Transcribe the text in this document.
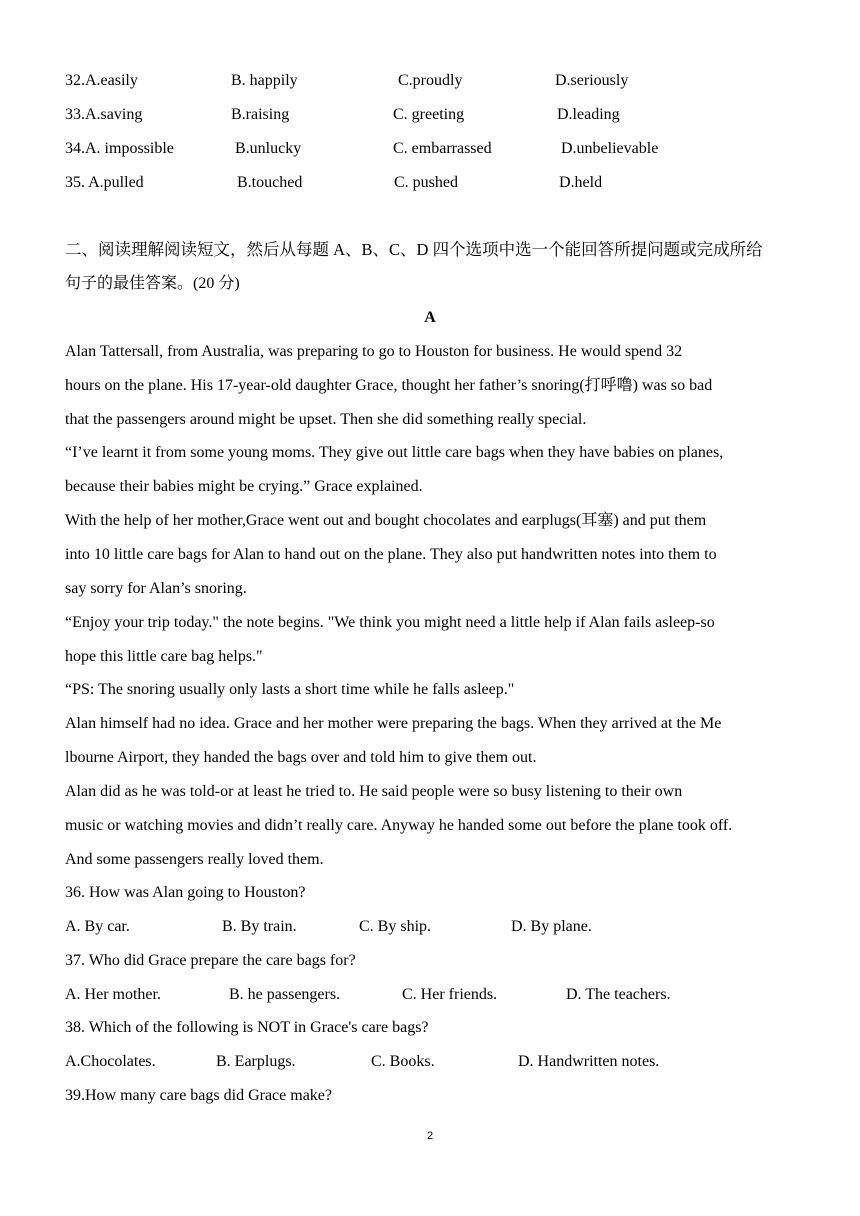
32.A.easily	B. happily	C.proudly	D.seriously
33.A.saving	B.raising	C. greeting	D.leading
34.A. impossible	B.unlucky	C. embarrassed	D.unbelievable
35. A.pulled	B.touched	C. pushed	D.held
二、阅读理解阅读短文，然后从每题 A、B、C、D 四个选项中选一个能回答所提问题或完成所给
句子的最佳答案。(20 分)
A
Alan Tattersall, from Australia, was preparing to go to Houston for business. He would spend 32
hours on the plane. His 17-year-old daughter Grace, thought her father’s snoring(打呼噜) was so bad
that the passengers around might be upset. Then she did something really special.
“I’ve learnt it from some young moms. They give out little care bags when they have babies on planes,
because their babies might be crying.” Grace explained.
With the help of her mother,Grace went out and bought chocolates and earplugs(耳塞) and put them
into 10 little care bags for Alan to hand out on the plane. They also put handwritten notes into them to
say sorry for Alan’s snoring.
“Enjoy your trip today." the note begins. "We think you might need a little help if Alan fails asleep-so
hope this little care bag helps."
“PS: The snoring usually only lasts a short time while he falls asleep."
Alan himself had no idea. Grace and her mother were preparing the bags. When they arrived at the Me
lbourne Airport, they handed the bags over and told him to give them out.
Alan did as he was told-or at least he tried to. He said people were so busy listening to their own
music or watching movies and didn’t really care. Anyway he handed some out before the plane took off.
And some passengers really loved them.
36. How was Alan going to Houston?
A. By car.	B. By train.	C. By ship.	D. By plane.
37. Who did Grace prepare the care bags for?
A. Her mother.	B. he passengers.	C. Her friends.	D. The teachers.
38. Which of the following is NOT in Grace's care bags?
A.Chocolates.	B. Earplugs.	C. Books.	D. Handwritten notes.
39.How many care bags did Grace make?
2
